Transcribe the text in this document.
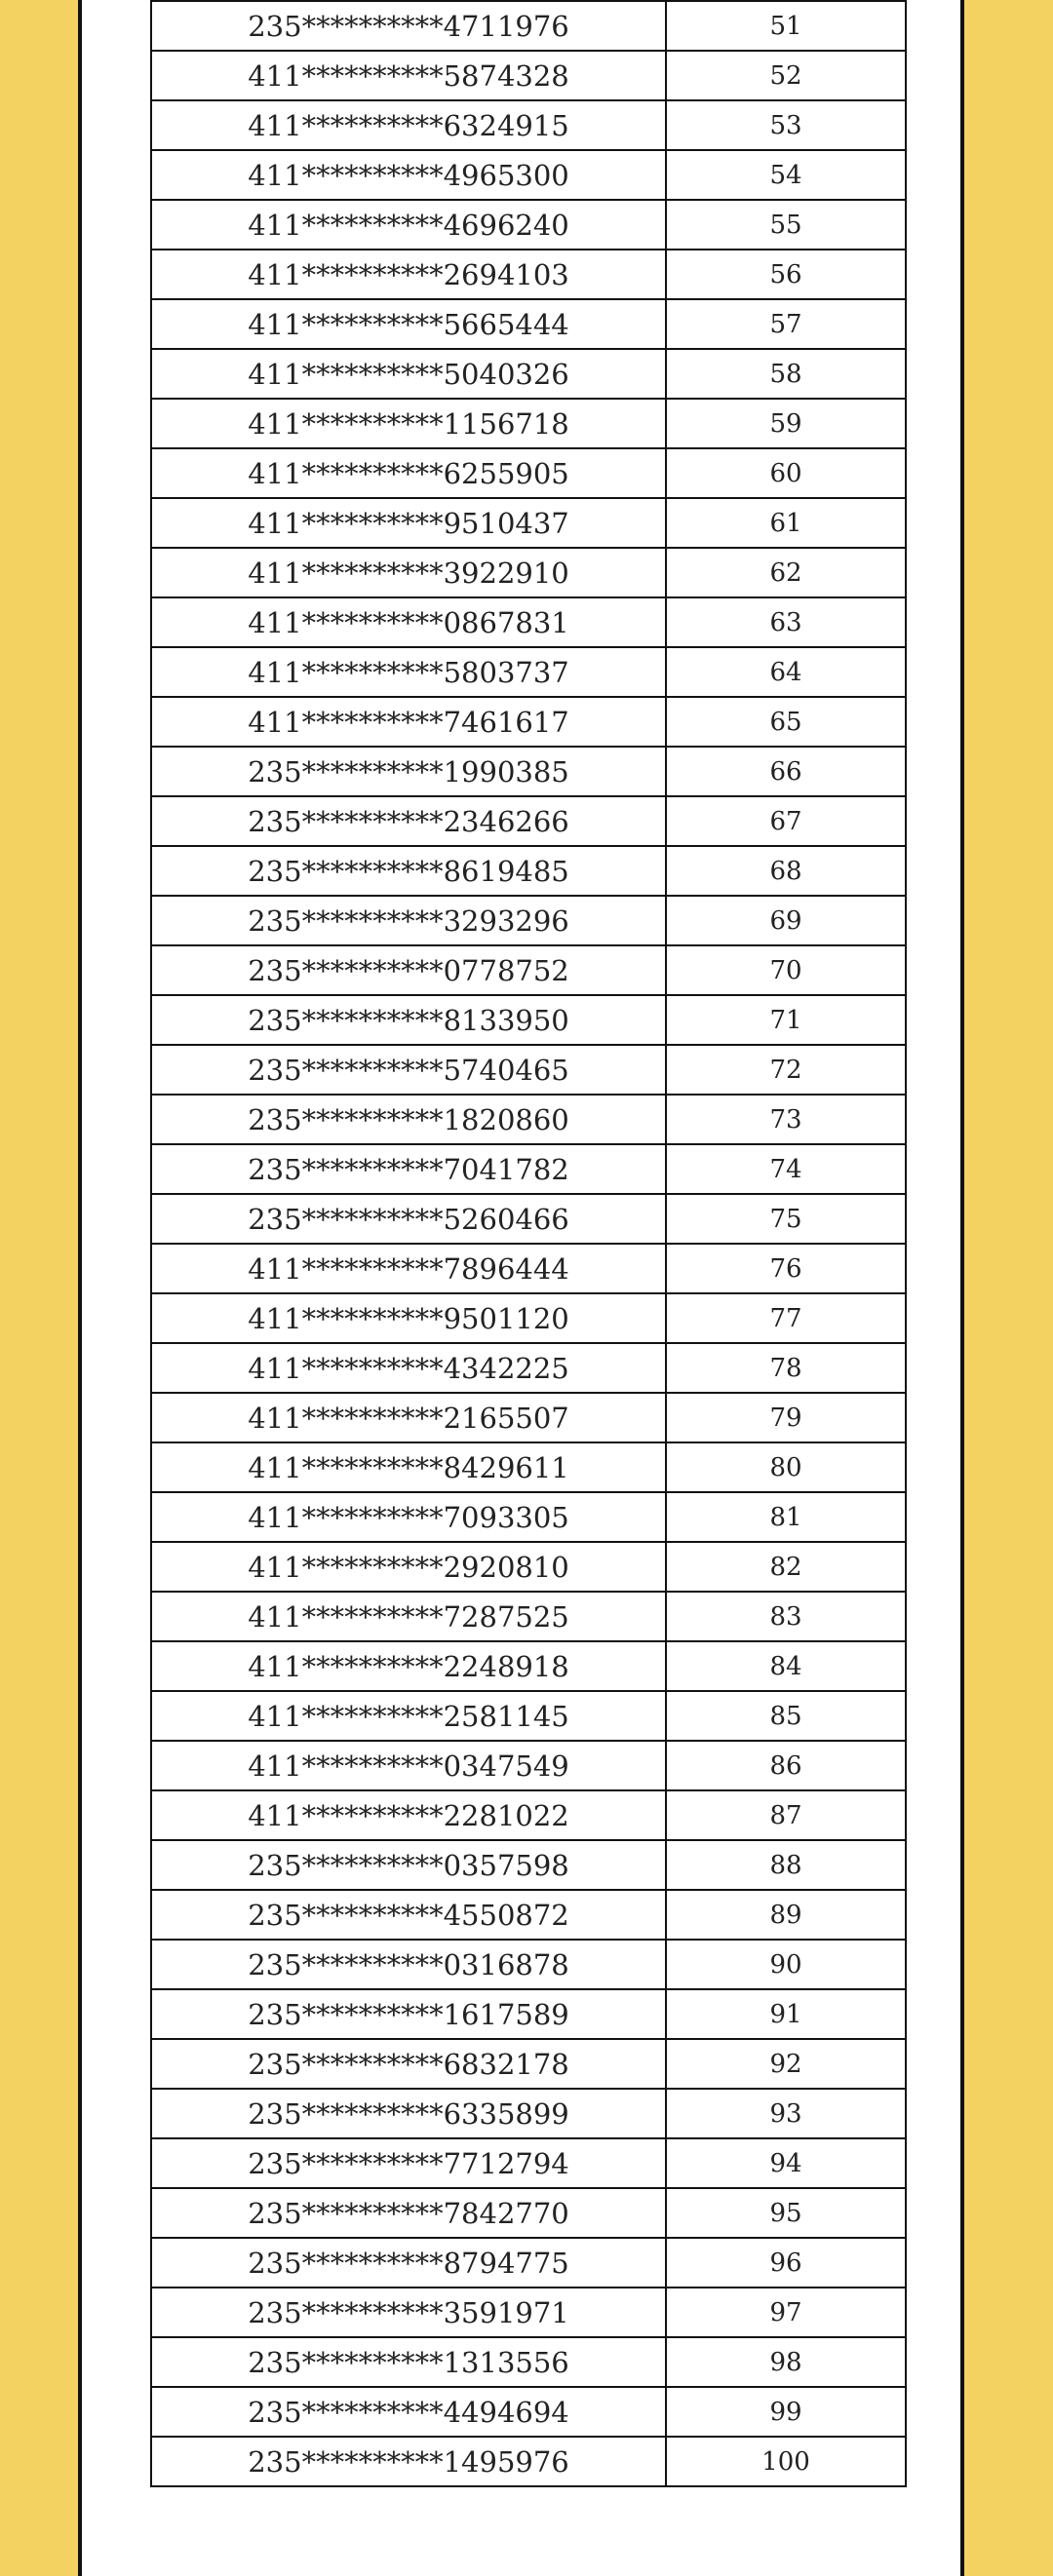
235**********4711976	51
411**********5874328	52
411**********6324915	53
411**********4965300	54
411**********4696240	55
411**********2694103	56
411**********5665444	57
411**********5040326	58
411**********1156718	59
411**********6255905	60
411**********9510437	61
411**********3922910	62
411**********0867831	63
411**********5803737	64
411**********7461617	65
235**********1990385	66
235**********2346266	67
235**********8619485	68
235**********3293296	69
235**********0778752	70
235**********8133950	71
235**********5740465	72
235**********1820860	73
235**********7041782	74
235**********5260466	75
411**********7896444	76
411**********9501120	77
411**********4342225	78
411**********2165507	79
411**********8429611	80
411**********7093305	81
411**********2920810	82
411**********7287525	83
411**********2248918	84
411**********2581145	85
411**********0347549	86
411**********2281022	87
235**********0357598	88
235**********4550872	89
235**********0316878	90
235**********1617589	91
235**********6832178	92
235**********6335899	93
235**********7712794	94
235**********7842770	95
235**********8794775	96
235**********3591971	97
235**********1313556	98
235**********4494694	99
235**********1495976	100
